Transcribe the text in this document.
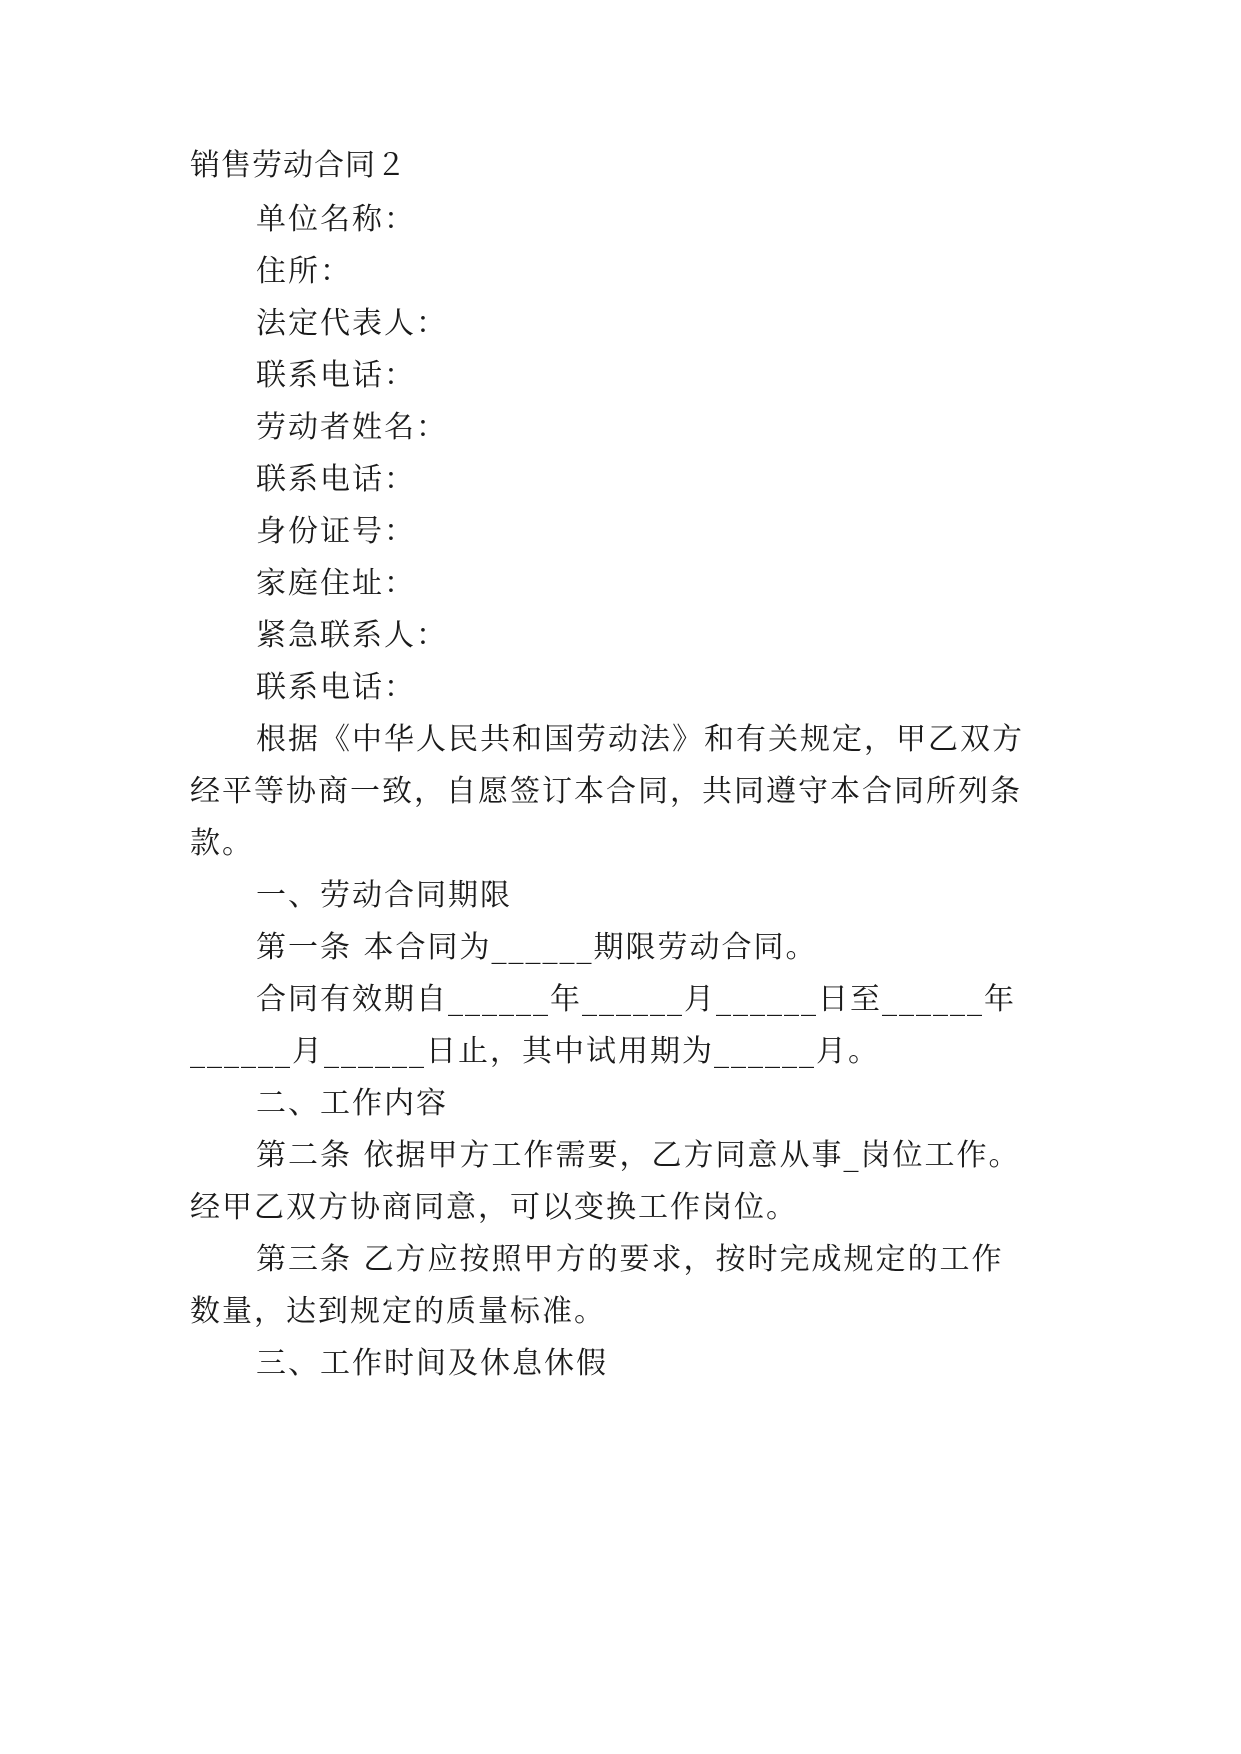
销售劳动合同２
单位名称：
住所：
法定代表人：
联系电话：
劳动者姓名：
联系电话：
身份证号：
家庭住址：
紧急联系人：
联系电话：
根据《中华人民共和国劳动法》和有关规定，甲乙双方
经平等协商一致，自愿签订本合同，共同遵守本合同所列条
款。
一、劳动合同期限
第一条 本合同为______期限劳动合同。
合同有效期自______年______月______日至______年
______月______日止，其中试用期为______月。
二、工作内容
第二条 依据甲方工作需要，乙方同意从事_岗位工作。
经甲乙双方协商同意，可以变换工作岗位。
第三条 乙方应按照甲方的要求，按时完成规定的工作
数量，达到规定的质量标准。
三、工作时间及休息休假
